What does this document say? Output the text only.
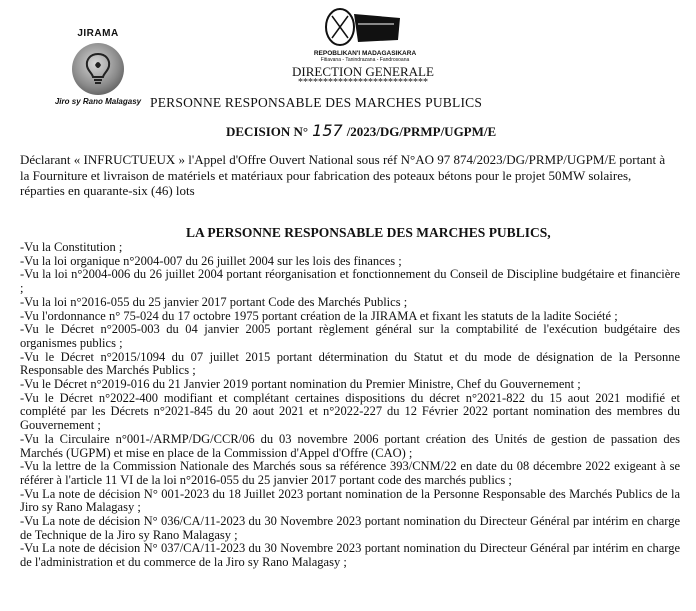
JIRAMA
Jiro sy Rano Malagasy
REPOBLIKAN'I MADAGASIKARA
Fitiavana - Tanindrazana - Fandrosoana
DIRECTION GENERALE
**************************
PERSONNE RESPONSABLE DES MARCHES PUBLICS
DECISION N° 157 /2023/DG/PRMP/UGPM/E
Déclarant « INFRUCTUEUX » l'Appel d'Offre Ouvert National sous réf N°AO 97 874/2023/DG/PRMP/UGPM/E portant à la Fourniture et livraison de matériels et matériaux pour fabrication des poteaux bétons pour le projet 50MW solaires, réparties en quarante-six (46) lots
LA PERSONNE RESPONSABLE DES MARCHES PUBLICS,
-Vu la Constitution ;
-Vu la loi organique n°2004-007 du 26 juillet 2004 sur les lois des finances ;
-Vu la loi n°2004-006 du 26 juillet 2004 portant réorganisation et fonctionnement du Conseil de Discipline budgétaire et financière ;
-Vu la loi n°2016-055 du 25 janvier 2017 portant Code des Marchés Publics ;
-Vu l'ordonnance n° 75-024 du 17 octobre 1975 portant création de la JIRAMA et fixant les statuts de la ladite Société ;
-Vu le Décret n°2005-003 du 04 janvier 2005 portant règlement général sur la comptabilité de l'exécution budgétaire des organismes publics ;
-Vu le Décret n°2015/1094 du 07 juillet 2015 portant détermination du Statut et du mode de désignation de la Personne Responsable des Marchés Publics ;
-Vu le Décret n°2019-016 du 21 Janvier 2019 portant nomination du Premier Ministre, Chef du Gouvernement ;
-Vu le Décret n°2022-400 modifiant et complétant certaines dispositions du décret n°2021-822 du 15 aout 2021 modifié et complété par les Décrets n°2021-845 du 20 aout 2021 et n°2022-227 du 12 Février 2022 portant nomination des membres du Gouvernement ;
-Vu la Circulaire n°001-/ARMP/DG/CCR/06 du 03 novembre 2006 portant création des Unités de gestion de passation des Marchés (UGPM) et mise en place de la Commission d'Appel d'Offre (CAO) ;
-Vu la lettre de la Commission Nationale des Marchés sous sa référence 393/CNM/22 en date du 08 décembre 2022 exigeant à se référer à l'article 11 VI de la loi n°2016-055 du 25 janvier 2017 portant code des marchés publics ;
-Vu La note de décision N° 001-2023 du 18 Juillet 2023 portant nomination de la Personne Responsable des Marchés Publics de la Jiro sy Rano Malagasy ;
-Vu La note de décision N° 036/CA/11-2023 du 30 Novembre 2023 portant nomination du Directeur Général par intérim en charge de Technique de la Jiro sy Rano Malagasy ;
-Vu La note de décision N° 037/CA/11-2023 du 30 Novembre 2023 portant nomination du Directeur Général par intérim en charge de l'administration et du commerce de la Jiro sy Rano Malagasy ;
